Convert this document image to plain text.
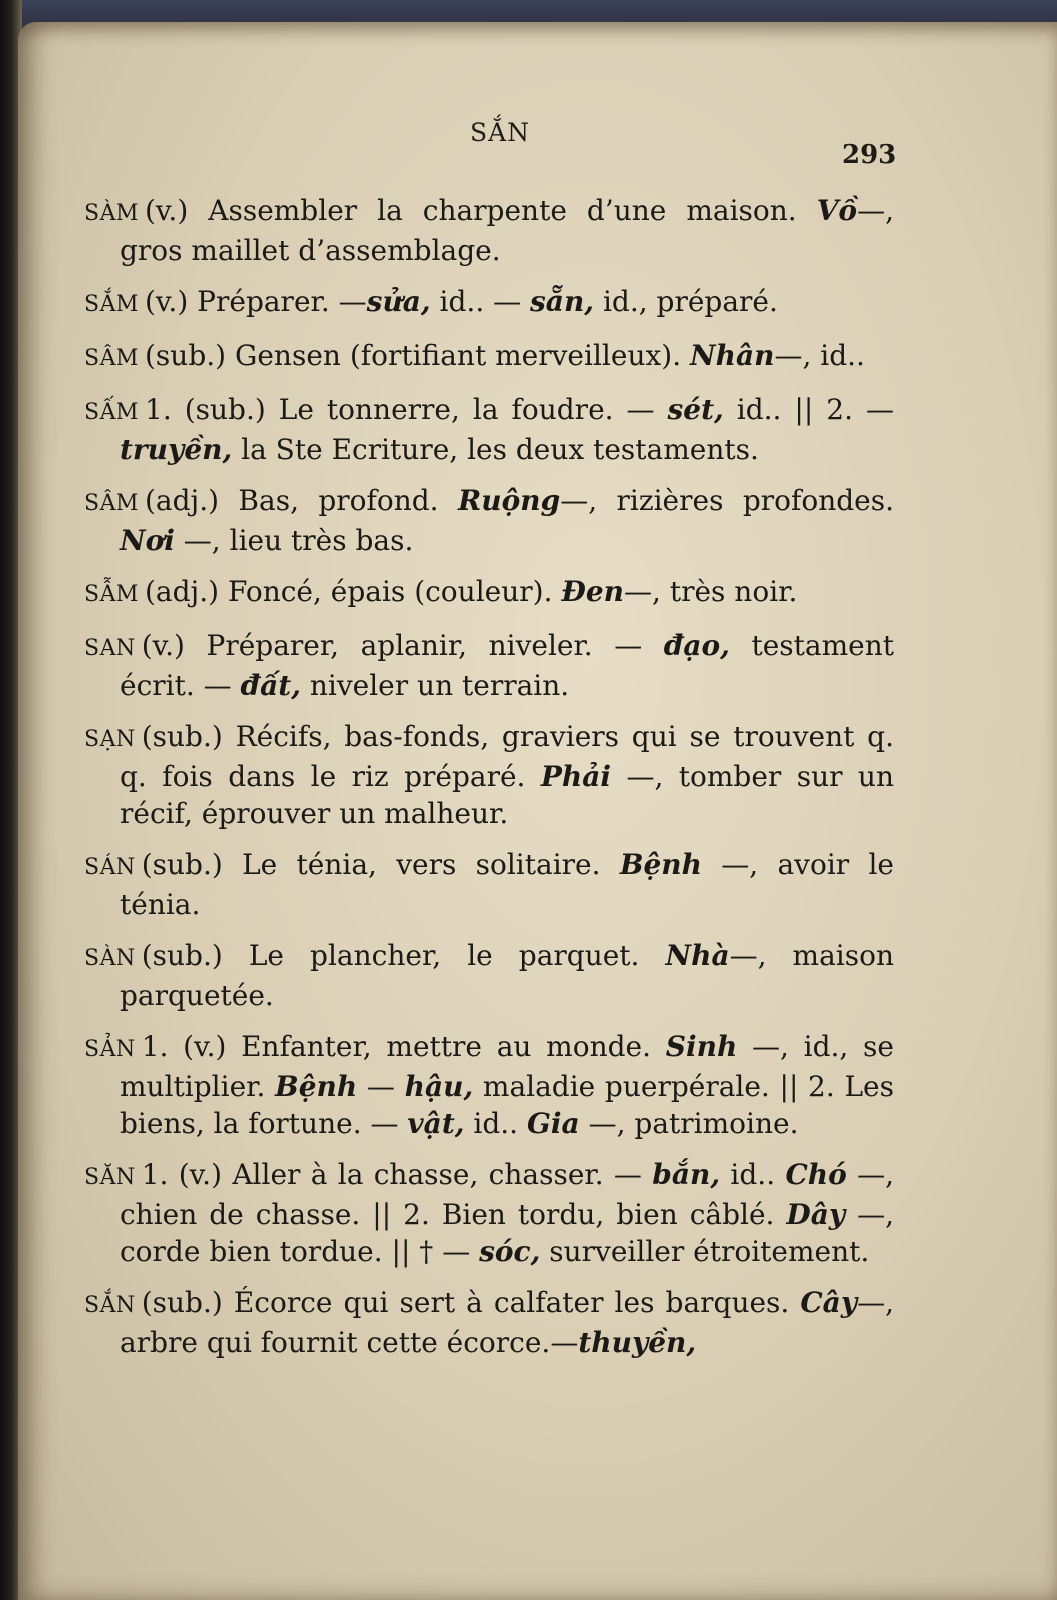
SẮN
293

SÀM (v.) Assembler la charpente d’une maison. Vồ—, gros maillet d’assemblage.

SẮM (v.) Préparer. —sửa, id.. — sẵn, id., préparé.

SÂM (sub.) Gensen (fortifiant merveilleux). Nhân—, id..

SẤM 1. (sub.) Le tonnerre, la foudre. — sét, id.. || 2. — truyền, la Ste Ecriture, les deux testaments.

SÂM (adj.) Bas, profond. Ruộng—, rizières profondes. Nơi —, lieu très bas.

SẪM (adj.) Foncé, épais (couleur). Đen—, très noir.

SAN (v.) Préparer, aplanir, niveler. — đạo, testament écrit. — đất, niveler un terrain.

SẠN (sub.) Récifs, bas-fonds, graviers qui se trouvent q. q. fois dans le riz préparé. Phải —, tomber sur un récif, éprouver un malheur.

SÁN (sub.) Le ténia, vers solitaire. Bệnh —, avoir le ténia.

SÀN (sub.) Le plancher, le parquet. Nhà—, maison parquetée.

SẢN 1. (v.) Enfanter, mettre au monde. Sinh —, id., se multiplier. Bệnh — hậu, maladie puerpérale. || 2. Les biens, la fortune. — vật, id.. Gia —, patrimoine.

SĂN 1. (v.) Aller à la chasse, chasser. — bắn, id.. Chó —, chien de chasse. || 2. Bien tordu, bien câblé. Dây —, corde bien tordue. || † — sóc, surveiller étroitement.

SẮN (sub.) Écorce qui sert à calfater les barques. Cây—, arbre qui fournit cette écorce.—thuyền,
